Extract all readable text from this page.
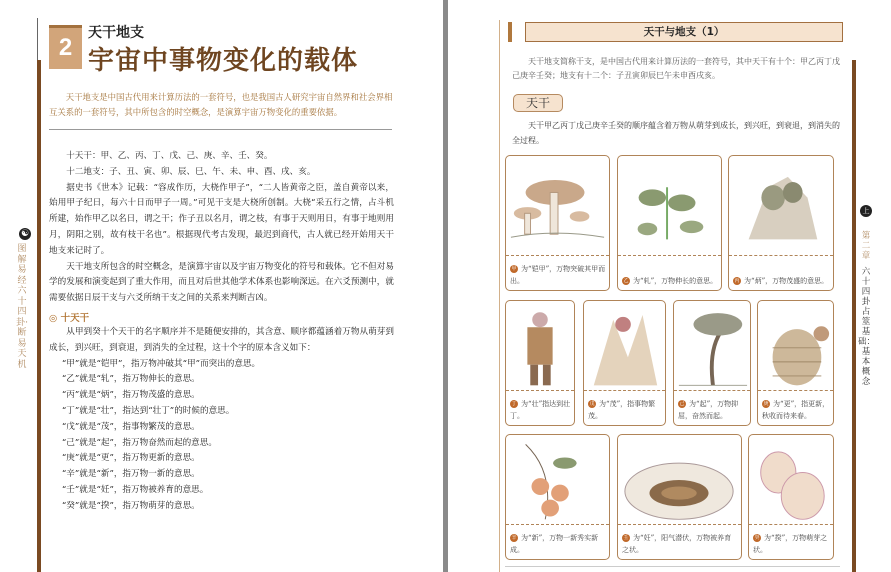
2
天干地支
宇宙中事物变化的载体
天干地支是中国古代用来计算历法的一套符号，也是我国古人研究宇宙自然界和社会界相互关系的一套符号，其中所包含的时空概念，是演算宇宙万物变化的重要依据。
☯
图解易经六十四卦·断易天机

十天干：甲、乙、丙、丁、戊、己、庚、辛、壬、癸。

十二地支：子、丑、寅、卯、辰、巳、午、未、申、酉、戌、亥。

据史书《世本》记载：“容成作历，大桡作甲子”，“二人皆黄帝之臣，盖自黄帝以来，始用甲子纪日，每六十日而甲子一周。”可见干支是大桡所创制。大桡“采五行之情，占斗机所建，始作甲乙以名日，谓之干；作子丑以名月，谓之枝，有事于天则用日，有事于地则用月，阴阳之别，故有枝干名也”。根据现代考古发现，最迟到商代，古人就已经开始用天干地支来记时了。

天干地支所包含的时空概念，是演算宇宙以及宇宙万物变化的符号和载体。它不但对易学的发展和演变起到了重大作用，而且对后世其他学术体系也影响深远。在六爻预测中，就需要依据日辰干支与六爻所纳干支之间的关系来判断吉凶。

◎ 十天干

从甲到癸十个天干的名字顺序并不是随便安排的，其含意、顺序都蕴涵着万物从萌芽到成长，到兴旺，到衰退，到消失的全过程，这十个字的原本含义如下：

“甲”就是“铠甲”，指万物冲破其“甲”而突出的意思。

“乙”就是“轧”，指万物伸长的意思。

“丙”就是“炳”，指万物茂盛的意思。

“丁”就是“壮”，指达到“壮丁”的时候的意思。

“戊”就是“茂”，指事物繁茂的意思。

“己”就是“起”，指万物奋然而起的意思。

“庚”就是“更”，指万物更新的意思。

“辛”就是“新”，指万物一新的意思。

“壬”就是“妊”，指万物被养育的意思。

“癸”就是“揆”，指万物萌芽的意思。

天干与地支（1）
天干地支简称干支，是中国古代用来计算历法的一套符号，其中天干有十个：甲乙丙丁戊己庚辛壬癸；地支有十二个：子丑寅卯辰巳午未申酉戌亥。
天干
天干甲乙丙丁戊己庚辛壬癸的顺序蕴含着万物从萌芽到成长，到兴旺，到衰退，到消失的全过程。
甲 为“铠甲”，万物突破其甲而出。	乙 为“轧”，万物伸长的意思。	丙 为“炳”，万物茂盛的意思。
丁 为“壮”指达到壮丁。
戊 为“茂”，指事物繁茂。
己 为“起”，万物抑屈，奋然而起。
庚 为“更”，指更新，秋收而待来春。
辛 为“新”，万物一新秀实新成。
壬 为“妊”，阳气潜伏，万物被养育之状。
癸 为“揆”，万物萌芽之状。
上篇
第二章
六十四卦占筮基础：基本概念
